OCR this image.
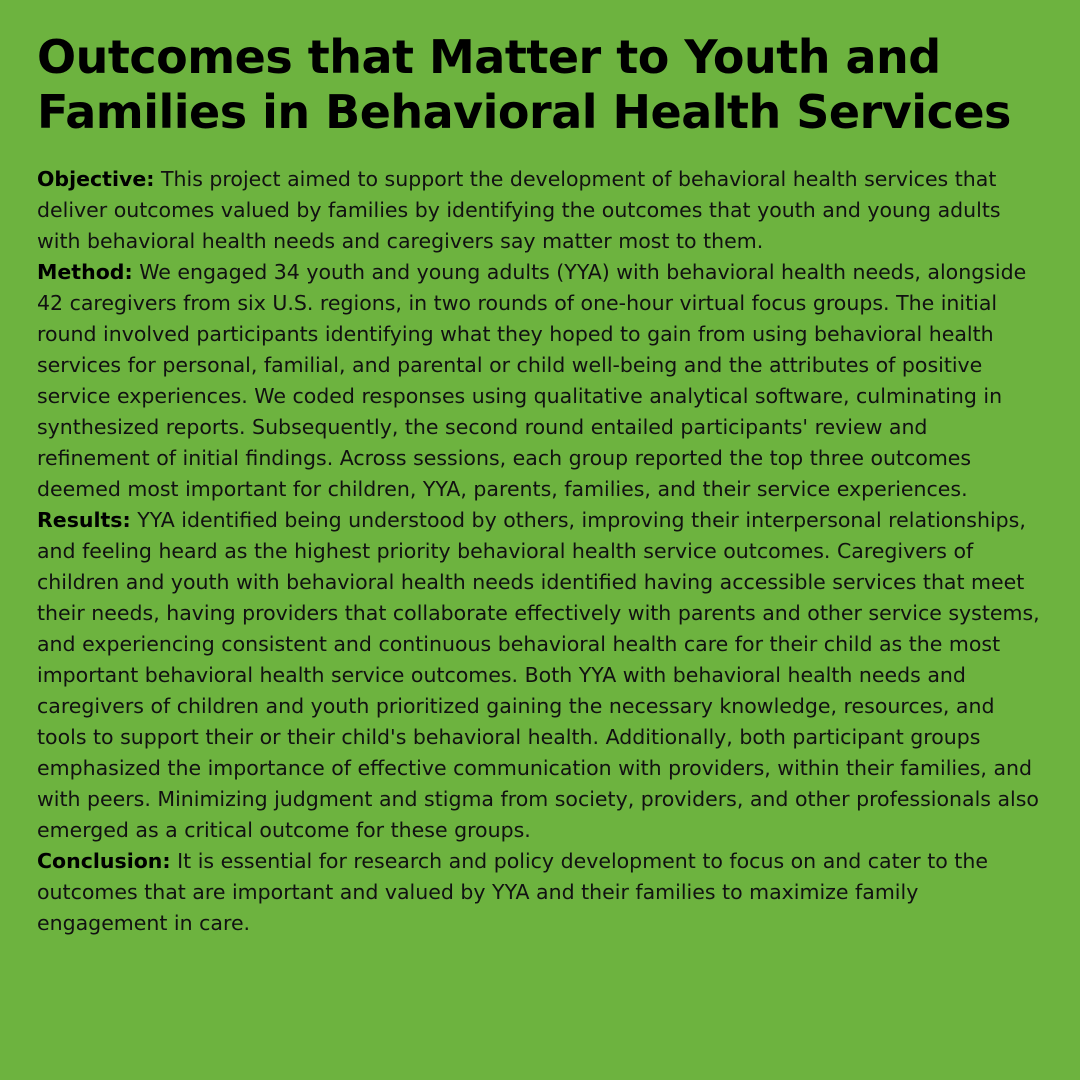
Outcomes that Matter to Youth and Families in Behavioral Health Services

Objective: This project aimed to support the development of behavioral health services that deliver outcomes valued by families by identifying the outcomes that youth and young adults with behavioral health needs and caregivers say matter most to them.

Method: We engaged 34 youth and young adults (YYA) with behavioral health needs, alongside 42 caregivers from six U.S. regions, in two rounds of one-hour virtual focus groups. The initial round involved participants identifying what they hoped to gain from using behavioral health services for personal, familial, and parental or child well-being and the attributes of positive service experiences. We coded responses using qualitative analytical software, culminating in synthesized reports. Subsequently, the second round entailed participants' review and refinement of initial findings. Across sessions, each group reported the top three outcomes deemed most important for children, YYA, parents, families, and their service experiences.

Results: YYA identified being understood by others, improving their interpersonal relationships, and feeling heard as the highest priority behavioral health service outcomes. Caregivers of children and youth with behavioral health needs identified having accessible services that meet their needs, having providers that collaborate effectively with parents and other service systems, and experiencing consistent and continuous behavioral health care for their child as the most important behavioral health service outcomes. Both YYA with behavioral health needs and caregivers of children and youth prioritized gaining the necessary knowledge, resources, and tools to support their or their child's behavioral health. Additionally, both participant groups emphasized the importance of effective communication with providers, within their families, and with peers. Minimizing judgment and stigma from society, providers, and other professionals also emerged as a critical outcome for these groups.

Conclusion: It is essential for research and policy development to focus on and cater to the outcomes that are important and valued by YYA and their families to maximize family engagement in care.
